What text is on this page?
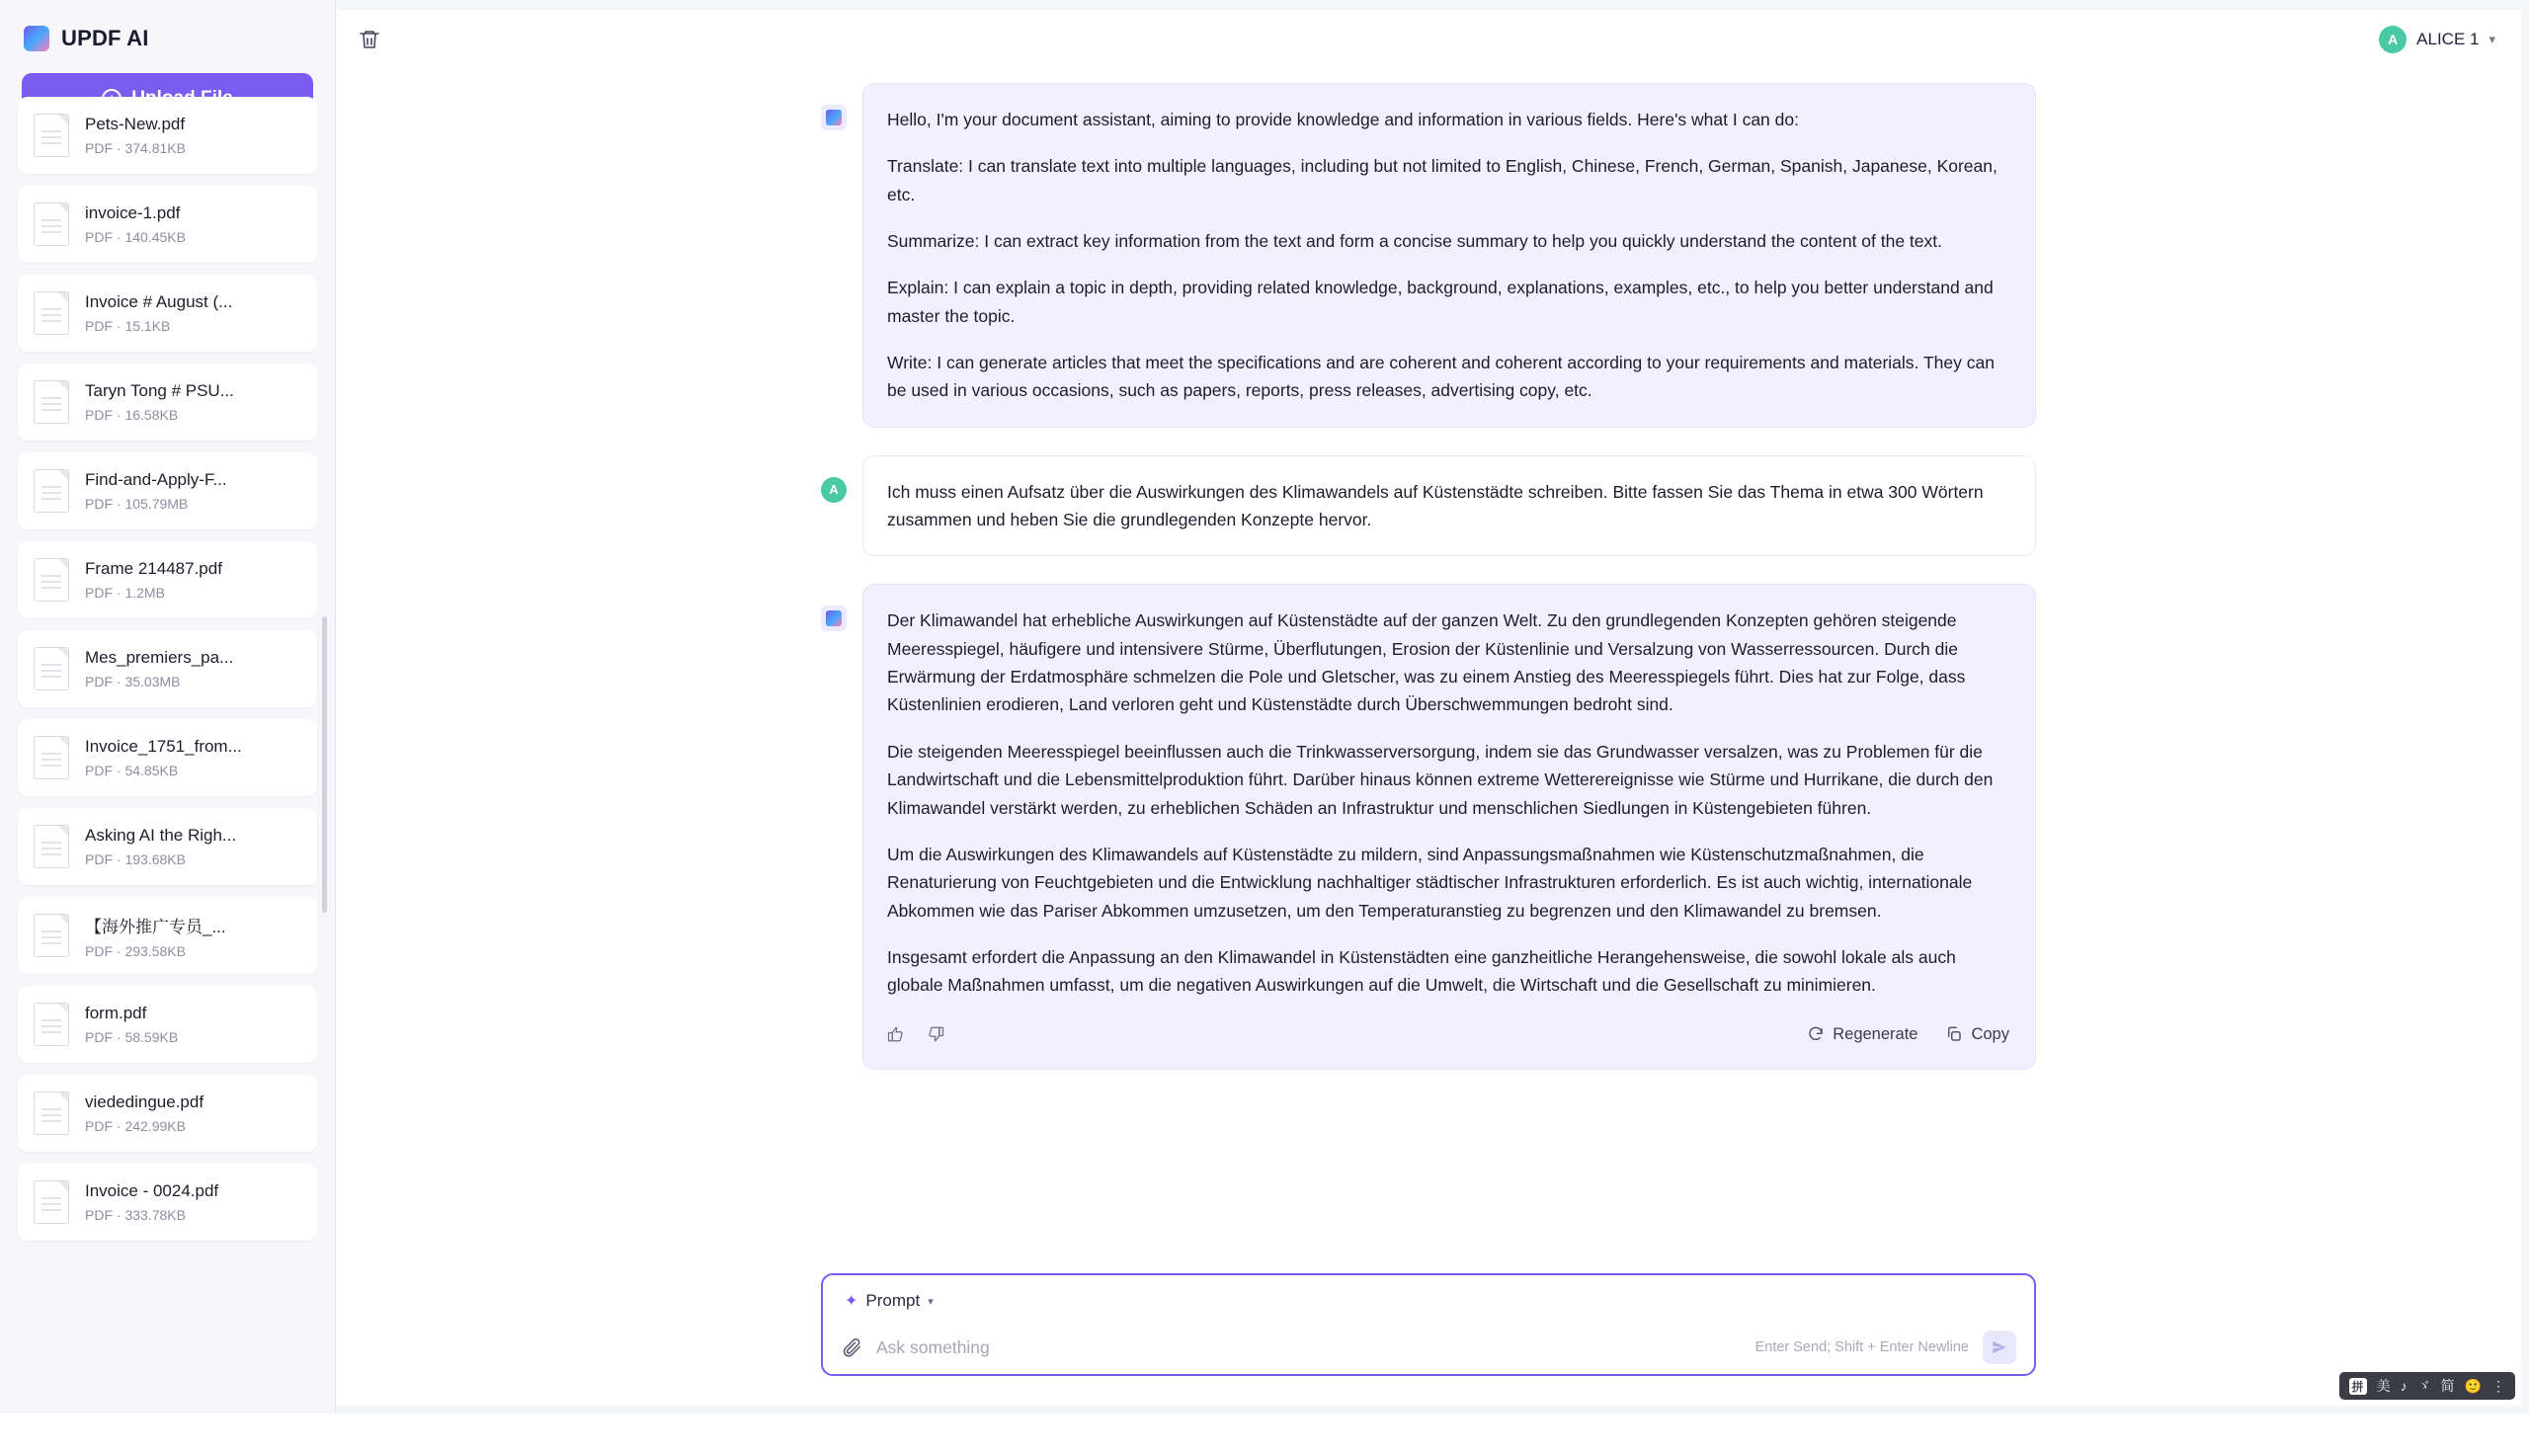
UPDF AI
Pets-New.pdf
PDF · 374.81KB
invoice-1.pdf
PDF · 140.45KB
Invoice # August (...
PDF · 15.1KB
Taryn Tong # PSU...
PDF · 16.58KB
Find-and-Apply-F...
PDF · 105.79MB
Frame 214487.pdf
PDF · 1.2MB
Mes_premiers_pa...
PDF · 35.03MB
Invoice_1751_from...
PDF · 54.85KB
Asking AI the Righ...
PDF · 193.68KB
【海外推广专员_...
PDF · 293.58KB
form.pdf
PDF · 58.59KB
viededingue.pdf
PDF · 242.99KB
Invoice - 0024.pdf
PDF · 333.78KB
A	ALICE 1 ▾

Hello, I'm your document assistant, aiming to provide knowledge and information in various fields. Here's what I can do:

Translate: I can translate text into multiple languages, including but not limited to English, Chinese, French, German, Spanish, Japanese, Korean, etc.

Summarize: I can extract key information from the text and form a concise summary to help you quickly understand the content of the text.

Explain: I can explain a topic in depth, providing related knowledge, background, explanations, examples, etc., to help you better understand and master the topic.

Write: I can generate articles that meet the specifications and are coherent and coherent according to your requirements and materials. They can be used in various occasions, such as papers, reports, press releases, advertising copy, etc.

A	Ich muss einen Aufsatz über die Auswirkungen des Klimawandels auf Küstenstädte schreiben. Bitte fassen Sie das Thema in etwa 300 Wörtern zusammen und heben Sie die grundlegenden Konzepte hervor.

Der Klimawandel hat erhebliche Auswirkungen auf Küstenstädte auf der ganzen Welt. Zu den grundlegenden Konzepten gehören steigende Meeresspiegel, häufigere und intensivere Stürme, Überflutungen, Erosion der Küstenlinie und Versalzung von Wasserressourcen. Durch die Erwärmung der Erdatmosphäre schmelzen die Pole und Gletscher, was zu einem Anstieg des Meeresspiegels führt. Dies hat zur Folge, dass Küstenlinien erodieren, Land verloren geht und Küstenstädte durch Überschwemmungen bedroht sind.

Die steigenden Meeresspiegel beeinflussen auch die Trinkwasserversorgung, indem sie das Grundwasser versalzen, was zu Problemen für die Landwirtschaft und die Lebensmittelproduktion führt. Darüber hinaus können extreme Wetterereignisse wie Stürme und Hurrikane, die durch den Klimawandel verstärkt werden, zu erheblichen Schäden an Infrastruktur und menschlichen Siedlungen in Küstengebieten führen.

Um die Auswirkungen des Klimawandels auf Küstenstädte zu mildern, sind Anpassungsmaßnahmen wie Küstenschutzmaßnahmen, die Renaturierung von Feuchtgebieten und die Entwicklung nachhaltiger städtischer Infrastrukturen erforderlich. Es ist auch wichtig, internationale Abkommen wie das Pariser Abkommen umzusetzen, um den Temperaturanstieg zu begrenzen und den Klimawandel zu bremsen.

Insgesamt erfordert die Anpassung an den Klimawandel in Küstenstädten eine ganzheitliche Herangehensweise, die sowohl lokale als auch globale Maßnahmen umfasst, um die negativen Auswirkungen auf die Umwelt, die Wirtschaft und die Gesellschaft zu minimieren.

Regenerate	Copy
✦ Prompt ▾
Ask something
Enter Send; Shift + Enter Newline
拼 美 ♪ ゞ 简 🙂 ⋮
